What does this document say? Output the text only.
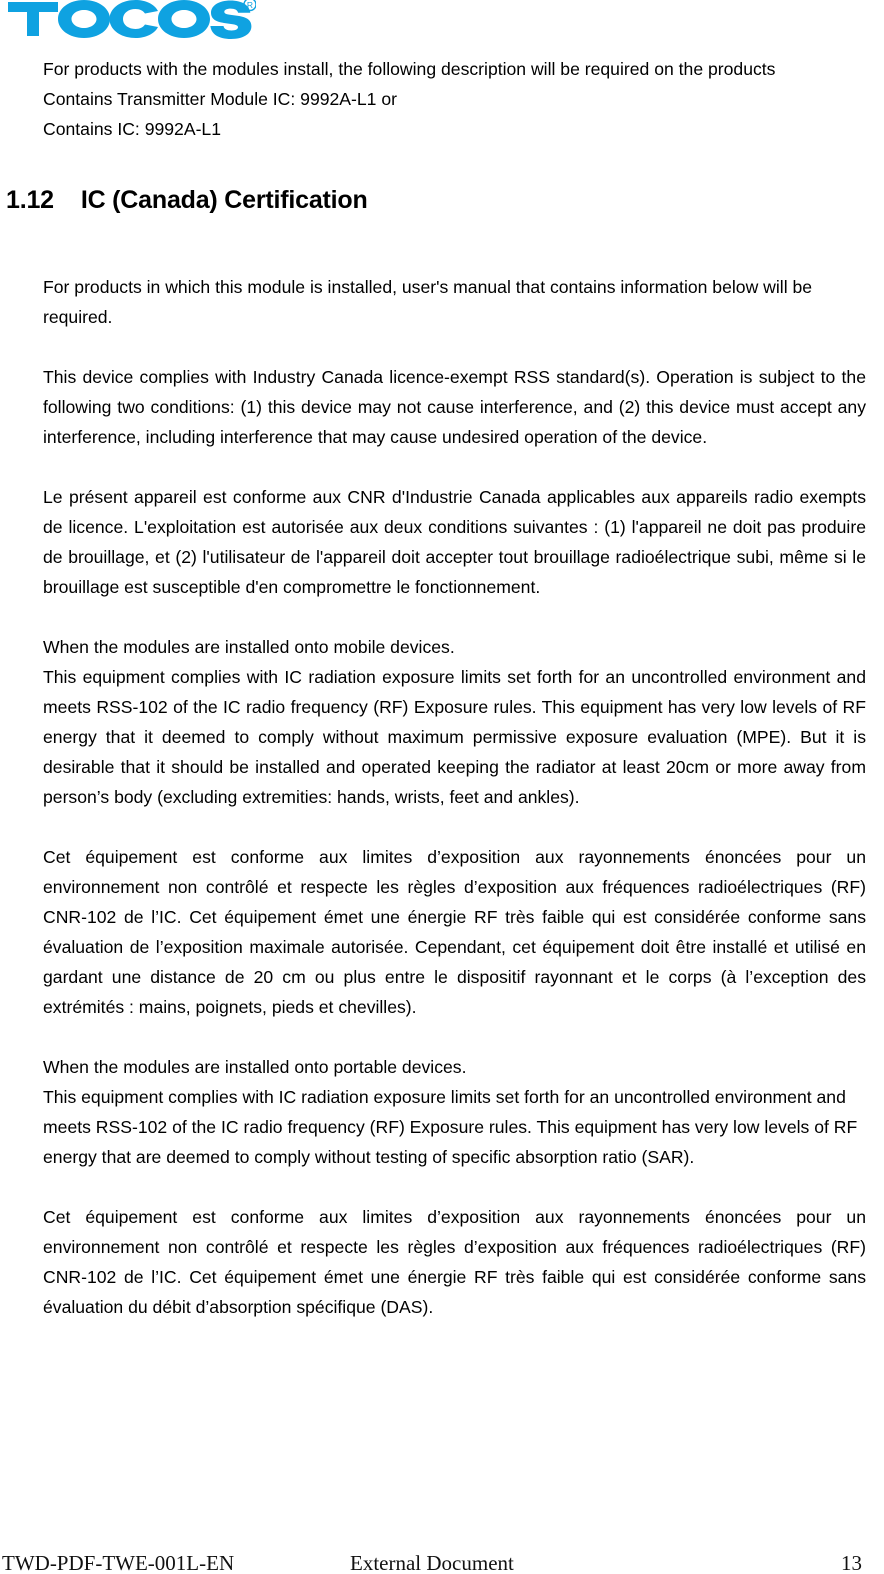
R

For products with the modules install, the following description will be required on the products

Contains Transmitter Module IC: 9992A-L1 or

Contains IC: 9992A-L1

1.12    IC (Canada) Certification

For products in which this module is installed, user's manual that contains information below will be required.

This device complies with Industry Canada licence-exempt RSS standard(s). Operation is subject to the following two conditions: (1) this device may not cause interference, and (2) this device must accept any interference, including interference that may cause undesired operation of the device.

Le présent appareil est conforme aux CNR d'Industrie Canada applicables aux appareils radio exempts de licence. L'exploitation est autorisée aux deux conditions suivantes : (1) l'appareil ne doit pas produire de brouillage, et (2) l'utilisateur de l'appareil doit accepter tout brouillage radioélectrique subi, même si le brouillage est susceptible d'en compromettre le fonctionnement.

When the modules are installed onto mobile devices.

This equipment complies with IC radiation exposure limits set forth for an uncontrolled environment and meets RSS-102 of the IC radio frequency (RF) Exposure rules. This equipment has very low levels of RF energy that it deemed to comply without maximum permissive exposure evaluation (MPE). But it is desirable that it should be installed and operated keeping the radiator at least 20cm or more away from person’s body (excluding extremities: hands, wrists, feet and ankles).

Cet équipement est conforme aux limites d’exposition aux rayonnements énoncées pour un environnement non contrôlé et respecte les règles d’exposition aux fréquences radioélectriques (RF) CNR-102 de l’IC. Cet équipement émet une énergie RF très faible qui est considérée conforme sans évaluation de l’exposition maximale autorisée. Cependant, cet équipement doit être installé et utilisé en gardant une distance de 20 cm ou plus entre le dispositif rayonnant et le corps (à l’exception des extrémités : mains, poignets, pieds et chevilles).

When the modules are installed onto portable devices.

This equipment complies with IC radiation exposure limits set forth for an uncontrolled environment and meets RSS-102 of the IC radio frequency (RF) Exposure rules. This equipment has very low levels of RF energy that are deemed to comply without testing of specific absorption ratio (SAR).

Cet équipement est conforme aux limites d’exposition aux rayonnements énoncées pour un environnement non contrôlé et respecte les règles d’exposition aux fréquences radioélectriques (RF) CNR-102 de l’IC. Cet équipement émet une énergie RF très faible qui est considérée conforme sans évaluation du débit d’absorption spécifique (DAS).

TWD-PDF-TWE-001L-EN	External Document	13
